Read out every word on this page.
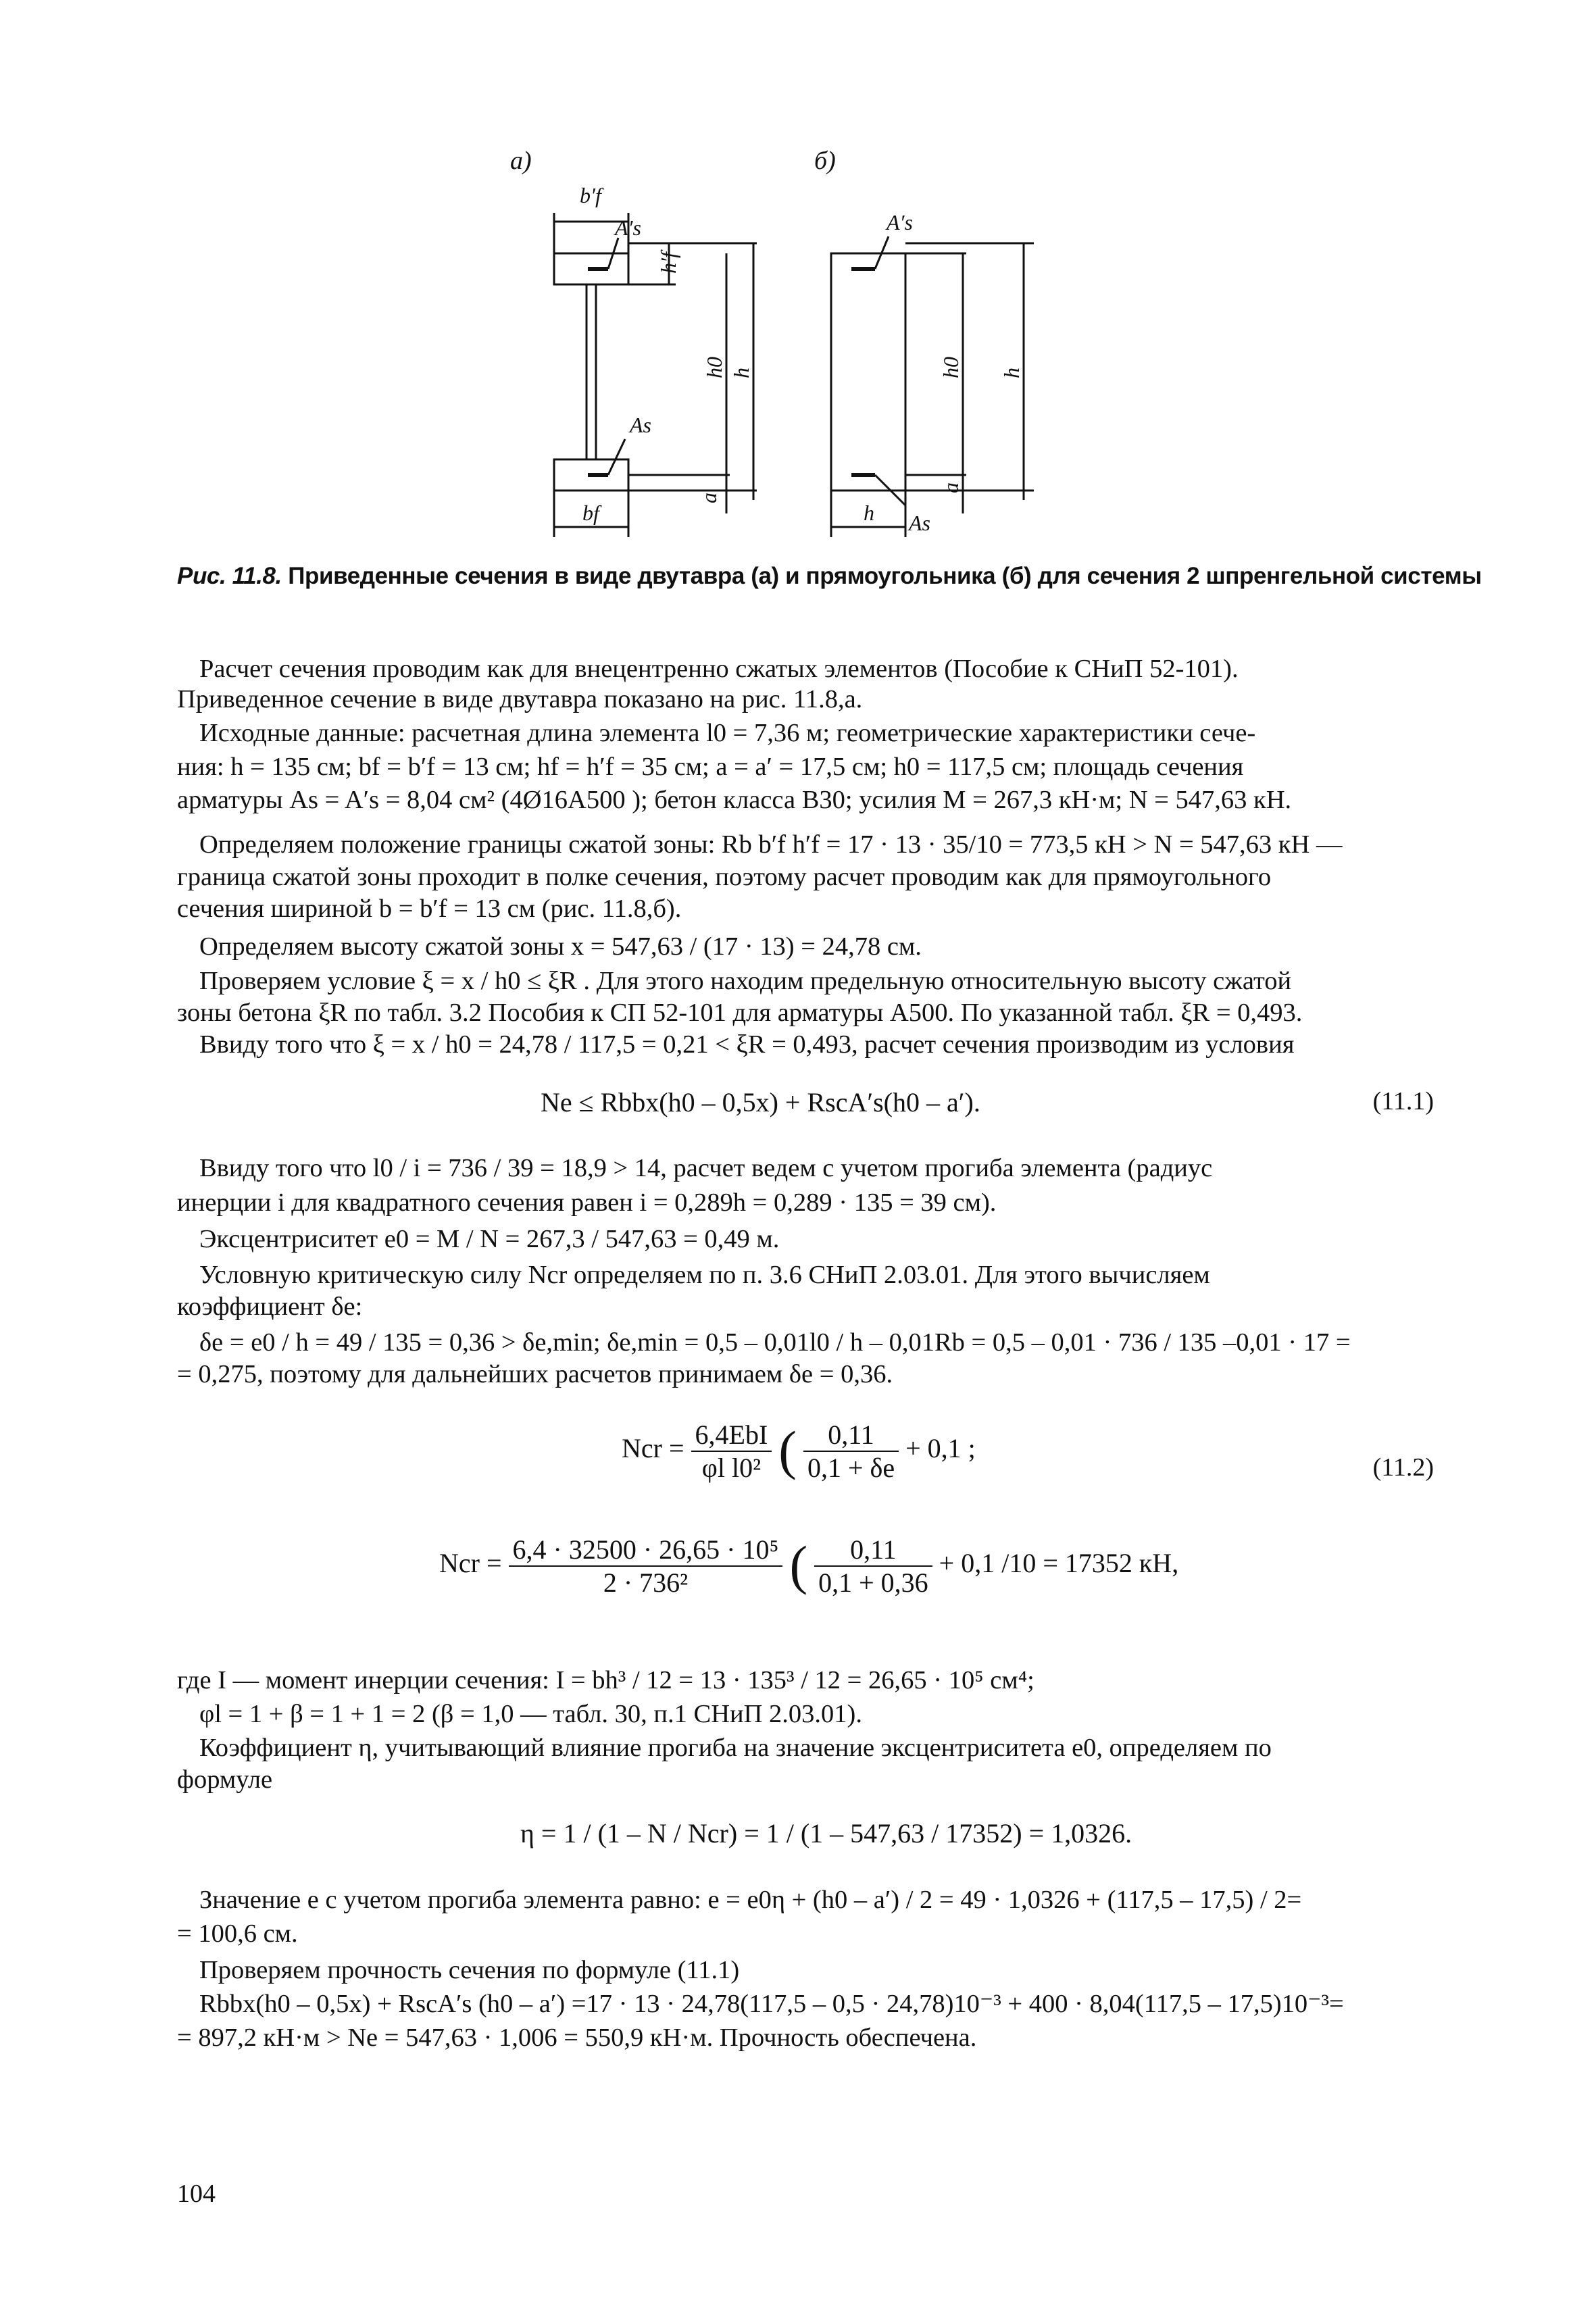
а)	б)
b′f
A′s
h′f
h0 h
As
bf
a
A′s
h0 h
h As
a
Рис. 11.8. Приведенные сечения в виде двутавра (а) и прямоугольника (б) для сечения 2 шпренгельной системы
Расчет сечения проводим как для внецентренно сжатых элементов (Пособие к СНиП 52-101).
Приведенное сечение в виде двутавра показано на рис. 11.8,а.
Исходные данные: расчетная длина элемента l0 = 7,36 м; геометрические характеристики сече-
ния: h = 135 см; bf = b′f = 13 см; hf = h′f = 35 см; a = a′ = 17,5 см; h0 = 117,5 см; площадь сечения
арматуры As = A′s = 8,04 см² (4Ø16А500 ); бетон класса В30; усилия M = 267,3 кН·м; N = 547,63 кН.
Определяем положение границы сжатой зоны: Rb b′f h′f = 17 · 13 · 35/10 = 773,5 кН > N = 547,63 кН —
граница сжатой зоны проходит в полке сечения, поэтому расчет проводим как для прямоугольного
сечения шириной b = b′f = 13 см (рис. 11.8,б).
Определяем высоту сжатой зоны x = 547,63 / (17 · 13) = 24,78 см.
Проверяем условие ξ = x / h0 ≤ ξR . Для этого находим предельную относительную высоту сжатой
зоны бетона ξR по табл. 3.2 Пособия к СП 52-101 для арматуры А500. По указанной табл. ξR = 0,493.
Ввиду того что ξ = x / h0 = 24,78 / 117,5 = 0,21 < ξR = 0,493, расчет сечения производим из условия
Ne ≤ Rbbx(h0 – 0,5x) + RscA′s(h0 – a′).	(11.1)
Ввиду того что l0 / i = 736 / 39 = 18,9 > 14, расчет ведем с учетом прогиба элемента (радиус
инерции i для квадратного сечения равен i = 0,289h = 0,289 · 135 = 39 см).
Эксцентриситет e0 = M / N = 267,3 / 547,63 = 0,49 м.
Условную критическую силу Ncr определяем по п. 3.6 СНиП 2.03.01. Для этого вычисляем
коэффициент δe:
δe = e0 / h = 49 / 135 = 0,36 > δe,min; δe,min = 0,5 – 0,01l0 / h – 0,01Rb = 0,5 – 0,01 · 736 / 135 –0,01 · 17 =
= 0,275, поэтому для дальнейших расчетов принимаем δe = 0,36.
Ncr = $\frac{\text{6,4EbI}}{\text{φl l0²}}$ ( $\frac{0,11}{0,1 + \delta e} + 0,1$ ;
(11.2)
Ncr = $\frac{\text{6,4 · 32500 · 26,65 · 10⁵}}{\text{2 · 736²}}$ ( $\frac{0,11}{0,1 + 0,36} + 0,1$ /10 = 17352 кН,
где I — момент инерции сечения: I = bh³ / 12 = 13 · 135³ / 12 = 26,65 · 10⁵ см⁴;
φl = 1 + β = 1 + 1 = 2 (β = 1,0 — табл. 30, п.1 СНиП 2.03.01).
Коэффициент η, учитывающий влияние прогиба на значение эксцентриситета e0, определяем по
формуле
η = 1 / (1 – N / Ncr) = 1 / (1 – 547,63 / 17352) = 1,0326.
Значение e с учетом прогиба элемента равно: e = e0η + (h0 – a′) / 2 = 49 · 1,0326 + (117,5 – 17,5) / 2=
= 100,6 см.
Проверяем прочность сечения по формуле (11.1)
Rbbx(h0 – 0,5x) + RscA′s (h0 – a′) =17 · 13 · 24,78(117,5 – 0,5 · 24,78)10⁻³ + 400 · 8,04(117,5 – 17,5)10⁻³=
= 897,2 кН·м > Ne = 547,63 · 1,006 = 550,9 кН·м. Прочность обеспечена.
104
